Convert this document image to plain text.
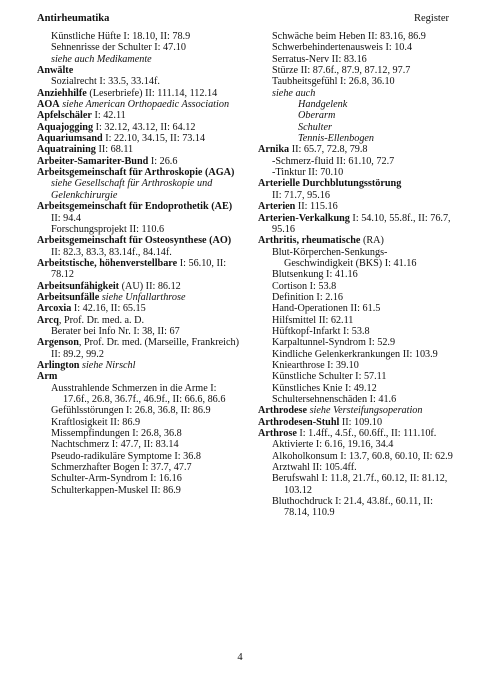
Antirheumatika	Register
Künstliche Hüfte I: 18.10, II: 78.9
Sehnenrisse der Schulter I: 47.10
siehe auch Medikamente
Anwälte
Sozialrecht I: 33.5, 33.14f.
Anziehhilfe (Leserbriefe) II: 111.14, 112.14
AOA siehe American Orthopaedic Association
Apfelschäler I: 42.11
Aquajogging I: 32.12, 43.12, II: 64.12
Aquariumsand I: 22.10, 34.15, II: 73.14
Aquatraining II: 68.11
Arbeiter-Samariter-Bund I: 26.6
Arbeitsgemeinschaft für Arthroskopie (AGA) siehe Gesellschaft für Arthroskopie und Gelenkchirurgie
Arbeitsgemeinschaft für Endoprothetik (AE) II: 94.4
Forschungsprojekt II: 110.6
Arbeitsgemeinschaft für Osteosynthese (AO) II: 82.3, 83.3, 83.14f., 84.14f.
Arbeitstische, höhenverstellbare I: 56.10, II: 78.12
Arbeitsunfähigkeit (AU) II: 86.12
Arbeitsunfälle siehe Unfallarthrose
Arcoxia I: 42.16, II: 65.15
Arcq, Prof. Dr. med. a. D.
Berater bei Info Nr. I: 38, II: 67
Argenson, Prof. Dr. med. (Marseille, Frankreich) II: 89.2, 99.2
Arlington siehe Nirschl
Arm
Ausstrahlende Schmerzen in die Arme I: 17.6f., 26.8, 36.7f., 46.9f., II: 66.6, 86.6
Gefühlsstörungen I: 26.8, 36.8, II: 86.9
Kraftlosigkeit II: 86.9
Missempfindungen I: 26.8, 36.8
Nachtschmerz I: 47.7, II: 83.14
Pseudo-radikuläre Symptome I: 36.8
Schmerzhafter Bogen I: 37.7, 47.7
Schulter-Arm-Syndrom I: 16.16
Schulterkappen-Muskel II: 86.9
Schwäche beim Heben II: 83.16, 86.9
Schwerbehindertenausweis I: 10.4
Serratus-Nerv II: 83.16
Stürze II: 87.6f., 87.9, 87.12, 97.7
Taubheitsgefühl I: 26.8, 36.10
siehe auch
Handgelenk
Oberarm
Schulter
Tennis-Ellenbogen
Arnika II: 65.7, 72.8, 79.8
-Schmerz-fluid II: 61.10, 72.7
-Tinktur II: 70.10
Arterielle Durchblutungsstörung
II: 71.7, 95.16
Arterien II: 115.16
Arterien-Verkalkung I: 54.10, 55.8f., II: 76.7, 95.16
Arthritis, rheumatische (RA)
Blut-Körperchen-Senkungs-Geschwindigkeit (BKS) I: 41.16
Blutsenkung I: 41.16
Cortison I: 53.8
Definition I: 2.16
Hand-Operationen II: 61.5
Hilfsmittel II: 62.11
Hüftkopf-Infarkt I: 53.8
Karpaltunnel-Syndrom I: 52.9
Kindliche Gelenkerkrankungen II: 103.9
Kniearthrose I: 39.10
Künstliche Schulter I: 57.11
Künstliches Knie I: 49.12
Schultersehnenschäden I: 41.6
Arthrodese siehe Versteifungsoperation
Arthrodesen-Stuhl II: 109.10
Arthrose I: 1.4ff., 4.5f., 60.6ff., II: 111.10f.
Aktivierte I: 6.16, 19.16, 34.4
Alkoholkonsum I: 13.7, 60.8, 60.10, II: 62.9
Arztwahl II: 105.4ff.
Berufswahl I: 11.8, 21.7f., 60.12, II: 81.12, 103.12
Bluthochdruck I: 21.4, 43.8f., 60.11, II: 78.14, 110.9
4
